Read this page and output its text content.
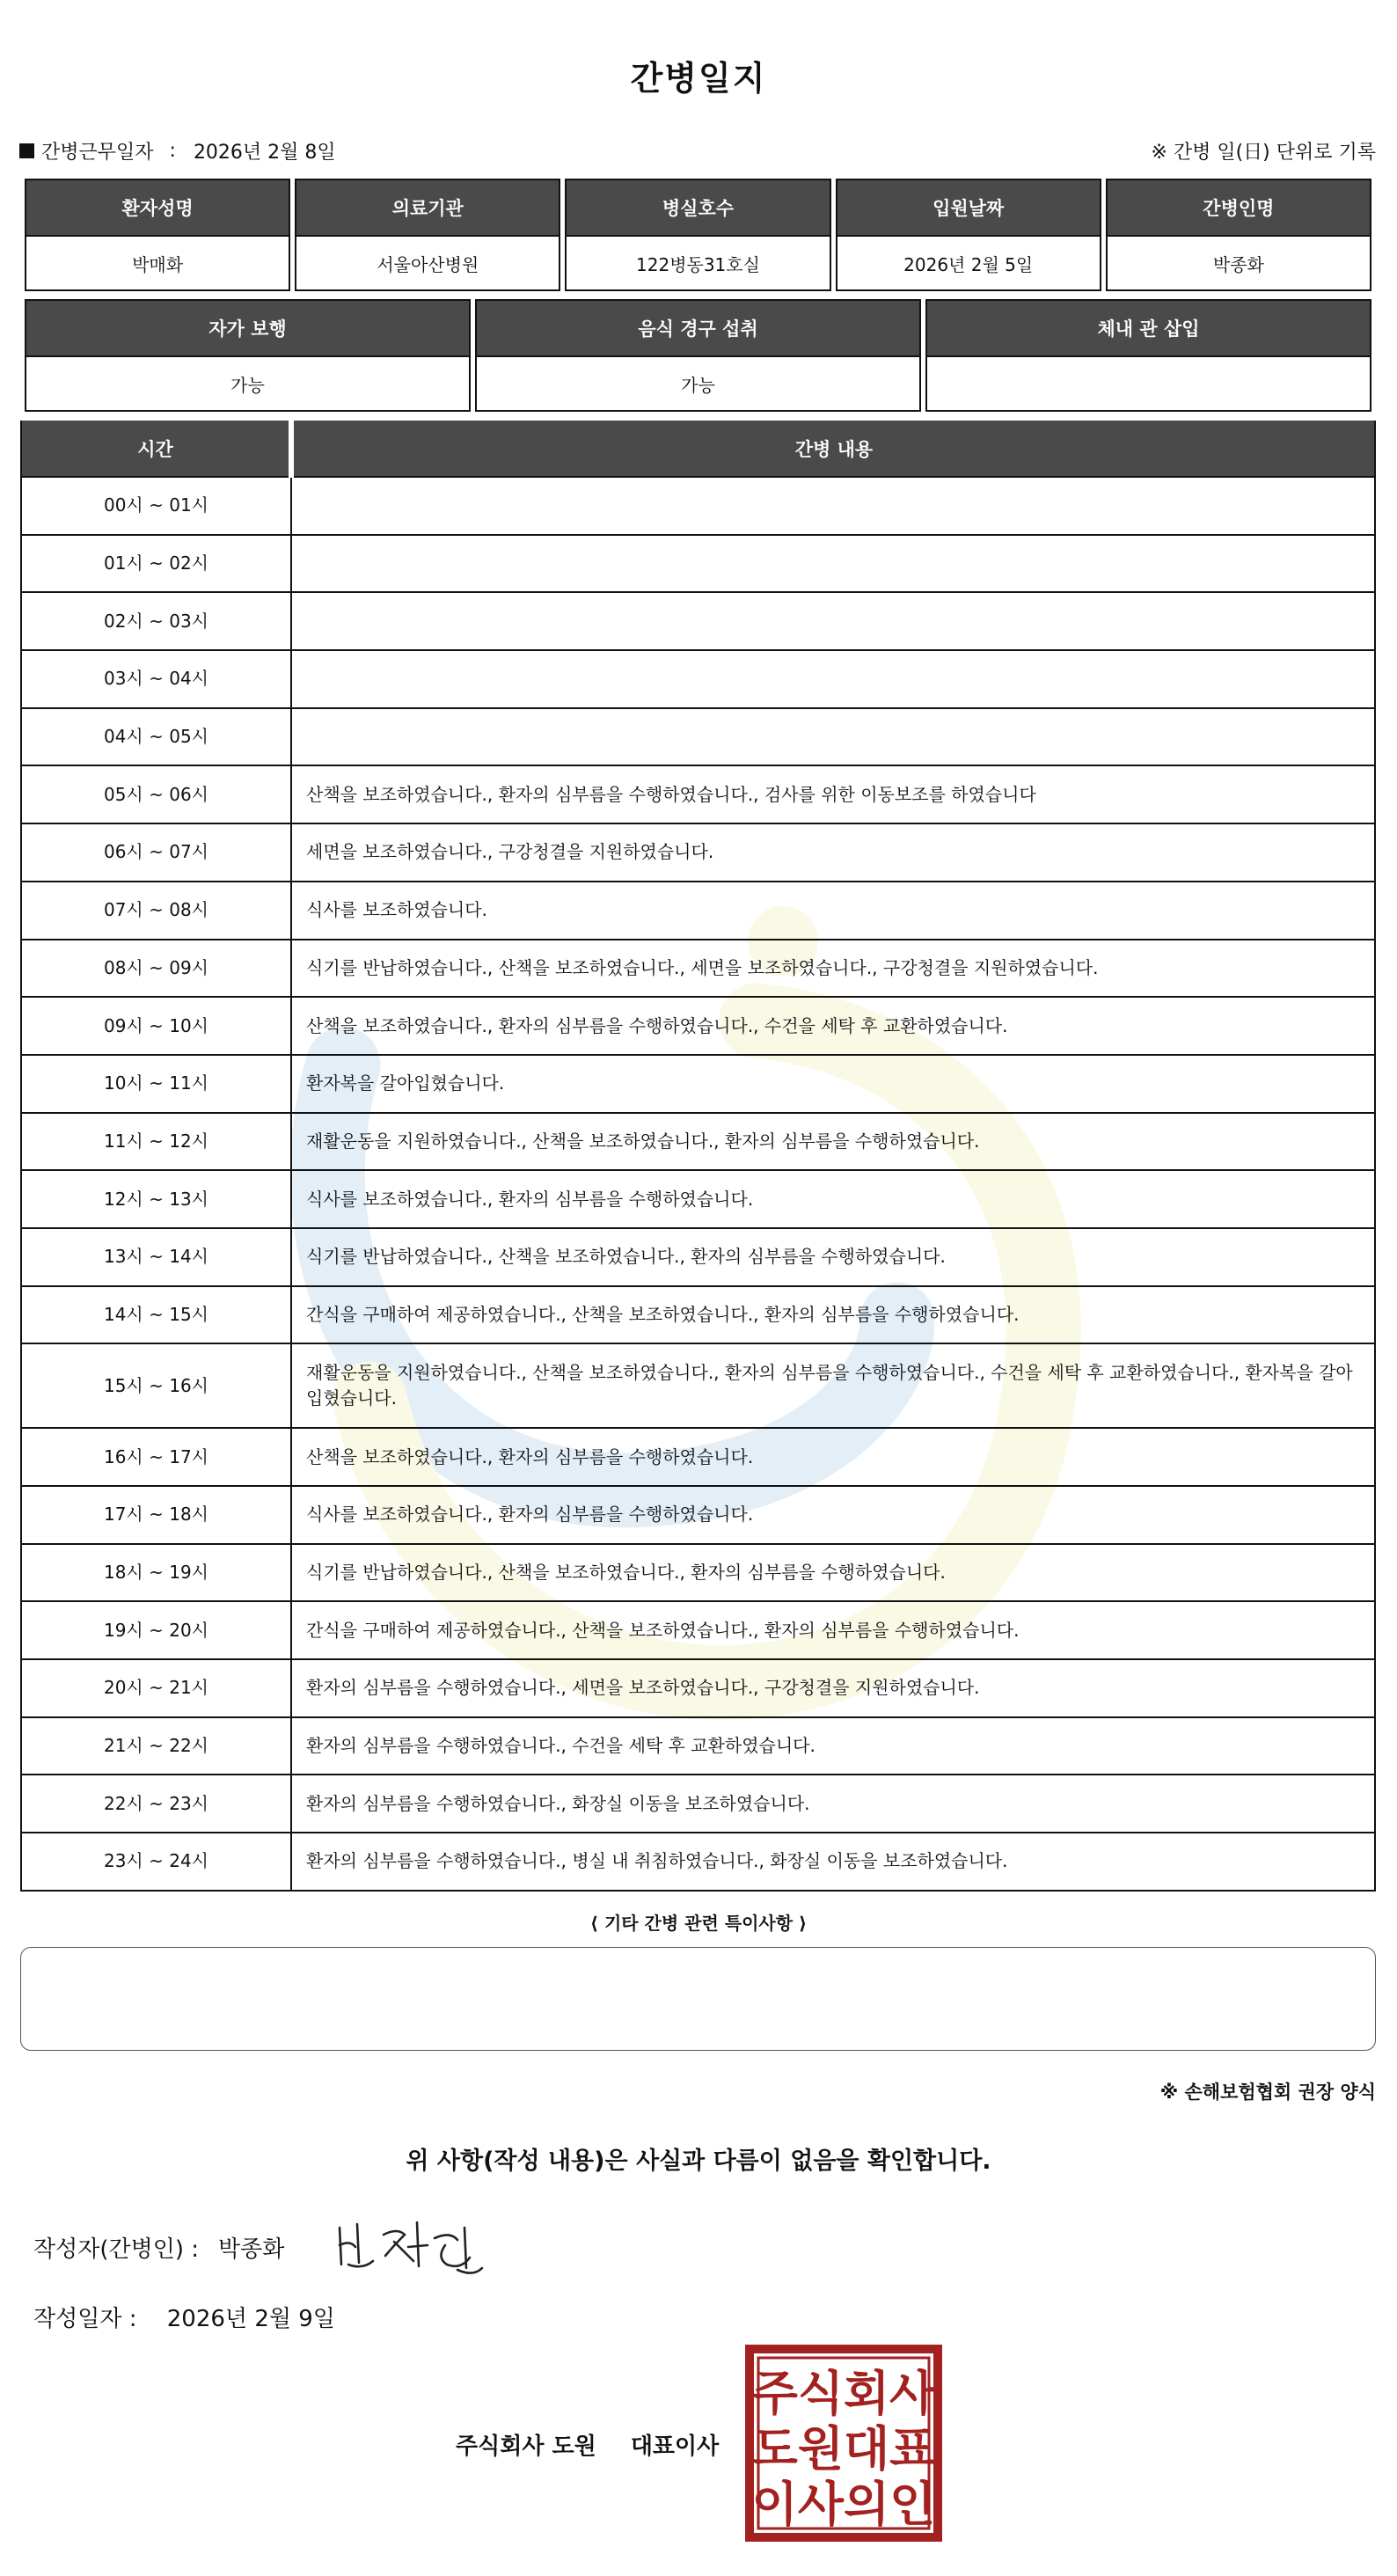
간병일지
간병근무일자 : 2026년 2월 8일	※ 간병 일(日) 단위로 기록
환자성명	의료기관	병실호수	입원날짜	간병인명
박매화	서울아산병원	122병동31호실	2026년 2월 5일	박종화
자가 보행	음식 경구 섭취	체내 관 삽입
가능	가능	
시간	간병 내용
00시 ~ 01시	
01시 ~ 02시	
02시 ~ 03시	
03시 ~ 04시	
04시 ~ 05시	
05시 ~ 06시	산책을 보조하였습니다., 환자의 심부름을 수행하였습니다., 검사를 위한 이동보조를 하였습니다
06시 ~ 07시	세면을 보조하였습니다., 구강청결을 지원하였습니다.
07시 ~ 08시	식사를 보조하였습니다.
08시 ~ 09시	식기를 반납하였습니다., 산책을 보조하였습니다., 세면을 보조하였습니다., 구강청결을 지원하였습니다.
09시 ~ 10시	산책을 보조하였습니다., 환자의 심부름을 수행하였습니다., 수건을 세탁 후 교환하였습니다.
10시 ~ 11시	환자복을 갈아입혔습니다.
11시 ~ 12시	재활운동을 지원하였습니다., 산책을 보조하였습니다., 환자의 심부름을 수행하였습니다.
12시 ~ 13시	식사를 보조하였습니다., 환자의 심부름을 수행하였습니다.
13시 ~ 14시	식기를 반납하였습니다., 산책을 보조하였습니다., 환자의 심부름을 수행하였습니다.
14시 ~ 15시	간식을 구매하여 제공하였습니다., 산책을 보조하였습니다., 환자의 심부름을 수행하였습니다.
15시 ~ 16시	재활운동을 지원하였습니다., 산책을 보조하였습니다., 환자의 심부름을 수행하였습니다., 수건을 세탁 후 교환하였습니다., 환자복을 갈아입혔습니다.
16시 ~ 17시	산책을 보조하였습니다., 환자의 심부름을 수행하였습니다.
17시 ~ 18시	식사를 보조하였습니다., 환자의 심부름을 수행하였습니다.
18시 ~ 19시	식기를 반납하였습니다., 산책을 보조하였습니다., 환자의 심부름을 수행하였습니다.
19시 ~ 20시	간식을 구매하여 제공하였습니다., 산책을 보조하였습니다., 환자의 심부름을 수행하였습니다.
20시 ~ 21시	환자의 심부름을 수행하였습니다., 세면을 보조하였습니다., 구강청결을 지원하였습니다.
21시 ~ 22시	환자의 심부름을 수행하였습니다., 수건을 세탁 후 교환하였습니다.
22시 ~ 23시	환자의 심부름을 수행하였습니다., 화장실 이동을 보조하였습니다.
23시 ~ 24시	환자의 심부름을 수행하였습니다., 병실 내 취침하였습니다., 화장실 이동을 보조하였습니다.
⟨ 기타 간병 관련 특이사항 ⟩
※ 손해보험협회 권장 양식
위 사항(작성 내용)은 사실과 다름이 없음을 확인합니다.
작성자(간병인) : 박종화
작성일자 : 2026년 2월 9일
주식회사 도원 대표이사
주식회사
도원대표
이사의인
